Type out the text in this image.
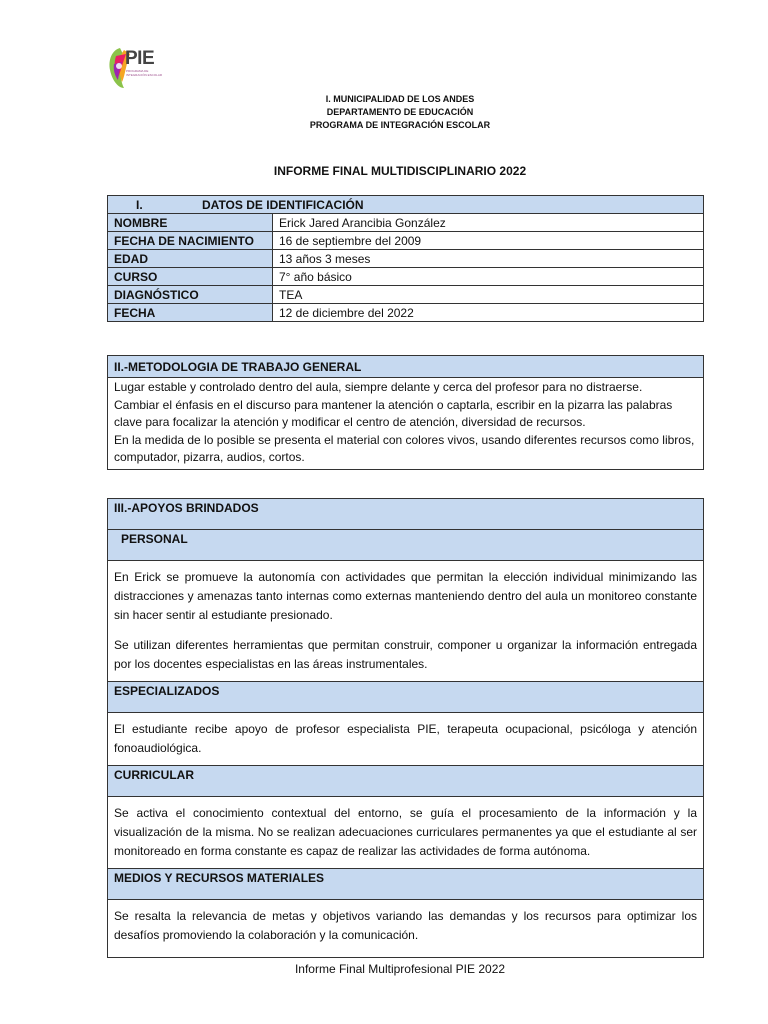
PIE
PROGRAMA DE INTEGRACIÓN ESCOLAR
I. MUNICIPALIDAD DE LOS ANDES
DEPARTAMENTO DE EDUCACIÓN
PROGRAMA DE INTEGRACIÓN ESCOLAR
INFORME FINAL MULTIDISCIPLINARIO 2022
I. DATOS DE IDENTIFICACIÓN	
NOMBRE	Erick Jared Arancibia González
FECHA DE NACIMIENTO	16 de septiembre del 2009
EDAD	13 años 3 meses
CURSO	7° año básico
DIAGNÓSTICO	TEA
FECHA	12 de diciembre del 2022
II.-METODOLOGIA DE TRABAJO GENERAL

Lugar estable y controlado dentro del aula, siempre delante y cerca del profesor para no distraerse.
Cambiar el énfasis en el discurso para mantener la atención o captarla, escribir en la pizarra las palabras clave para focalizar la atención y modificar el centro de atención, diversidad de recursos.
En la medida de lo posible se presenta el material con colores vivos, usando diferentes recursos como libros, computador, pizarra, audios, cortos.
III.-APOYOS BRINDADOS
PERSONAL

En Erick se promueve la autonomía con actividades que permitan la elección individual minimizando las distracciones y amenazas tanto internas como externas manteniendo dentro del aula un monitoreo constante sin hacer sentir al estudiante presionado.

Se utilizan diferentes herramientas que permitan construir, componer u organizar la información entregada por los docentes especialistas en las áreas instrumentales.

ESPECIALIZADOS

El estudiante recibe apoyo de profesor especialista PIE, terapeuta ocupacional, psicóloga y atención fonoaudiológica.

CURRICULAR

Se activa el conocimiento contextual del entorno, se guía el procesamiento de la información y la visualización de la misma. No se realizan adecuaciones curriculares permanentes ya que el estudiante al ser monitoreado en forma constante es capaz de realizar las actividades de forma autónoma.

MEDIOS Y RECURSOS MATERIALES

Se resalta la relevancia de metas y objetivos variando las demandas y los recursos para optimizar los desafíos promoviendo la colaboración y la comunicación.

Informe Final Multiprofesional PIE 2022
